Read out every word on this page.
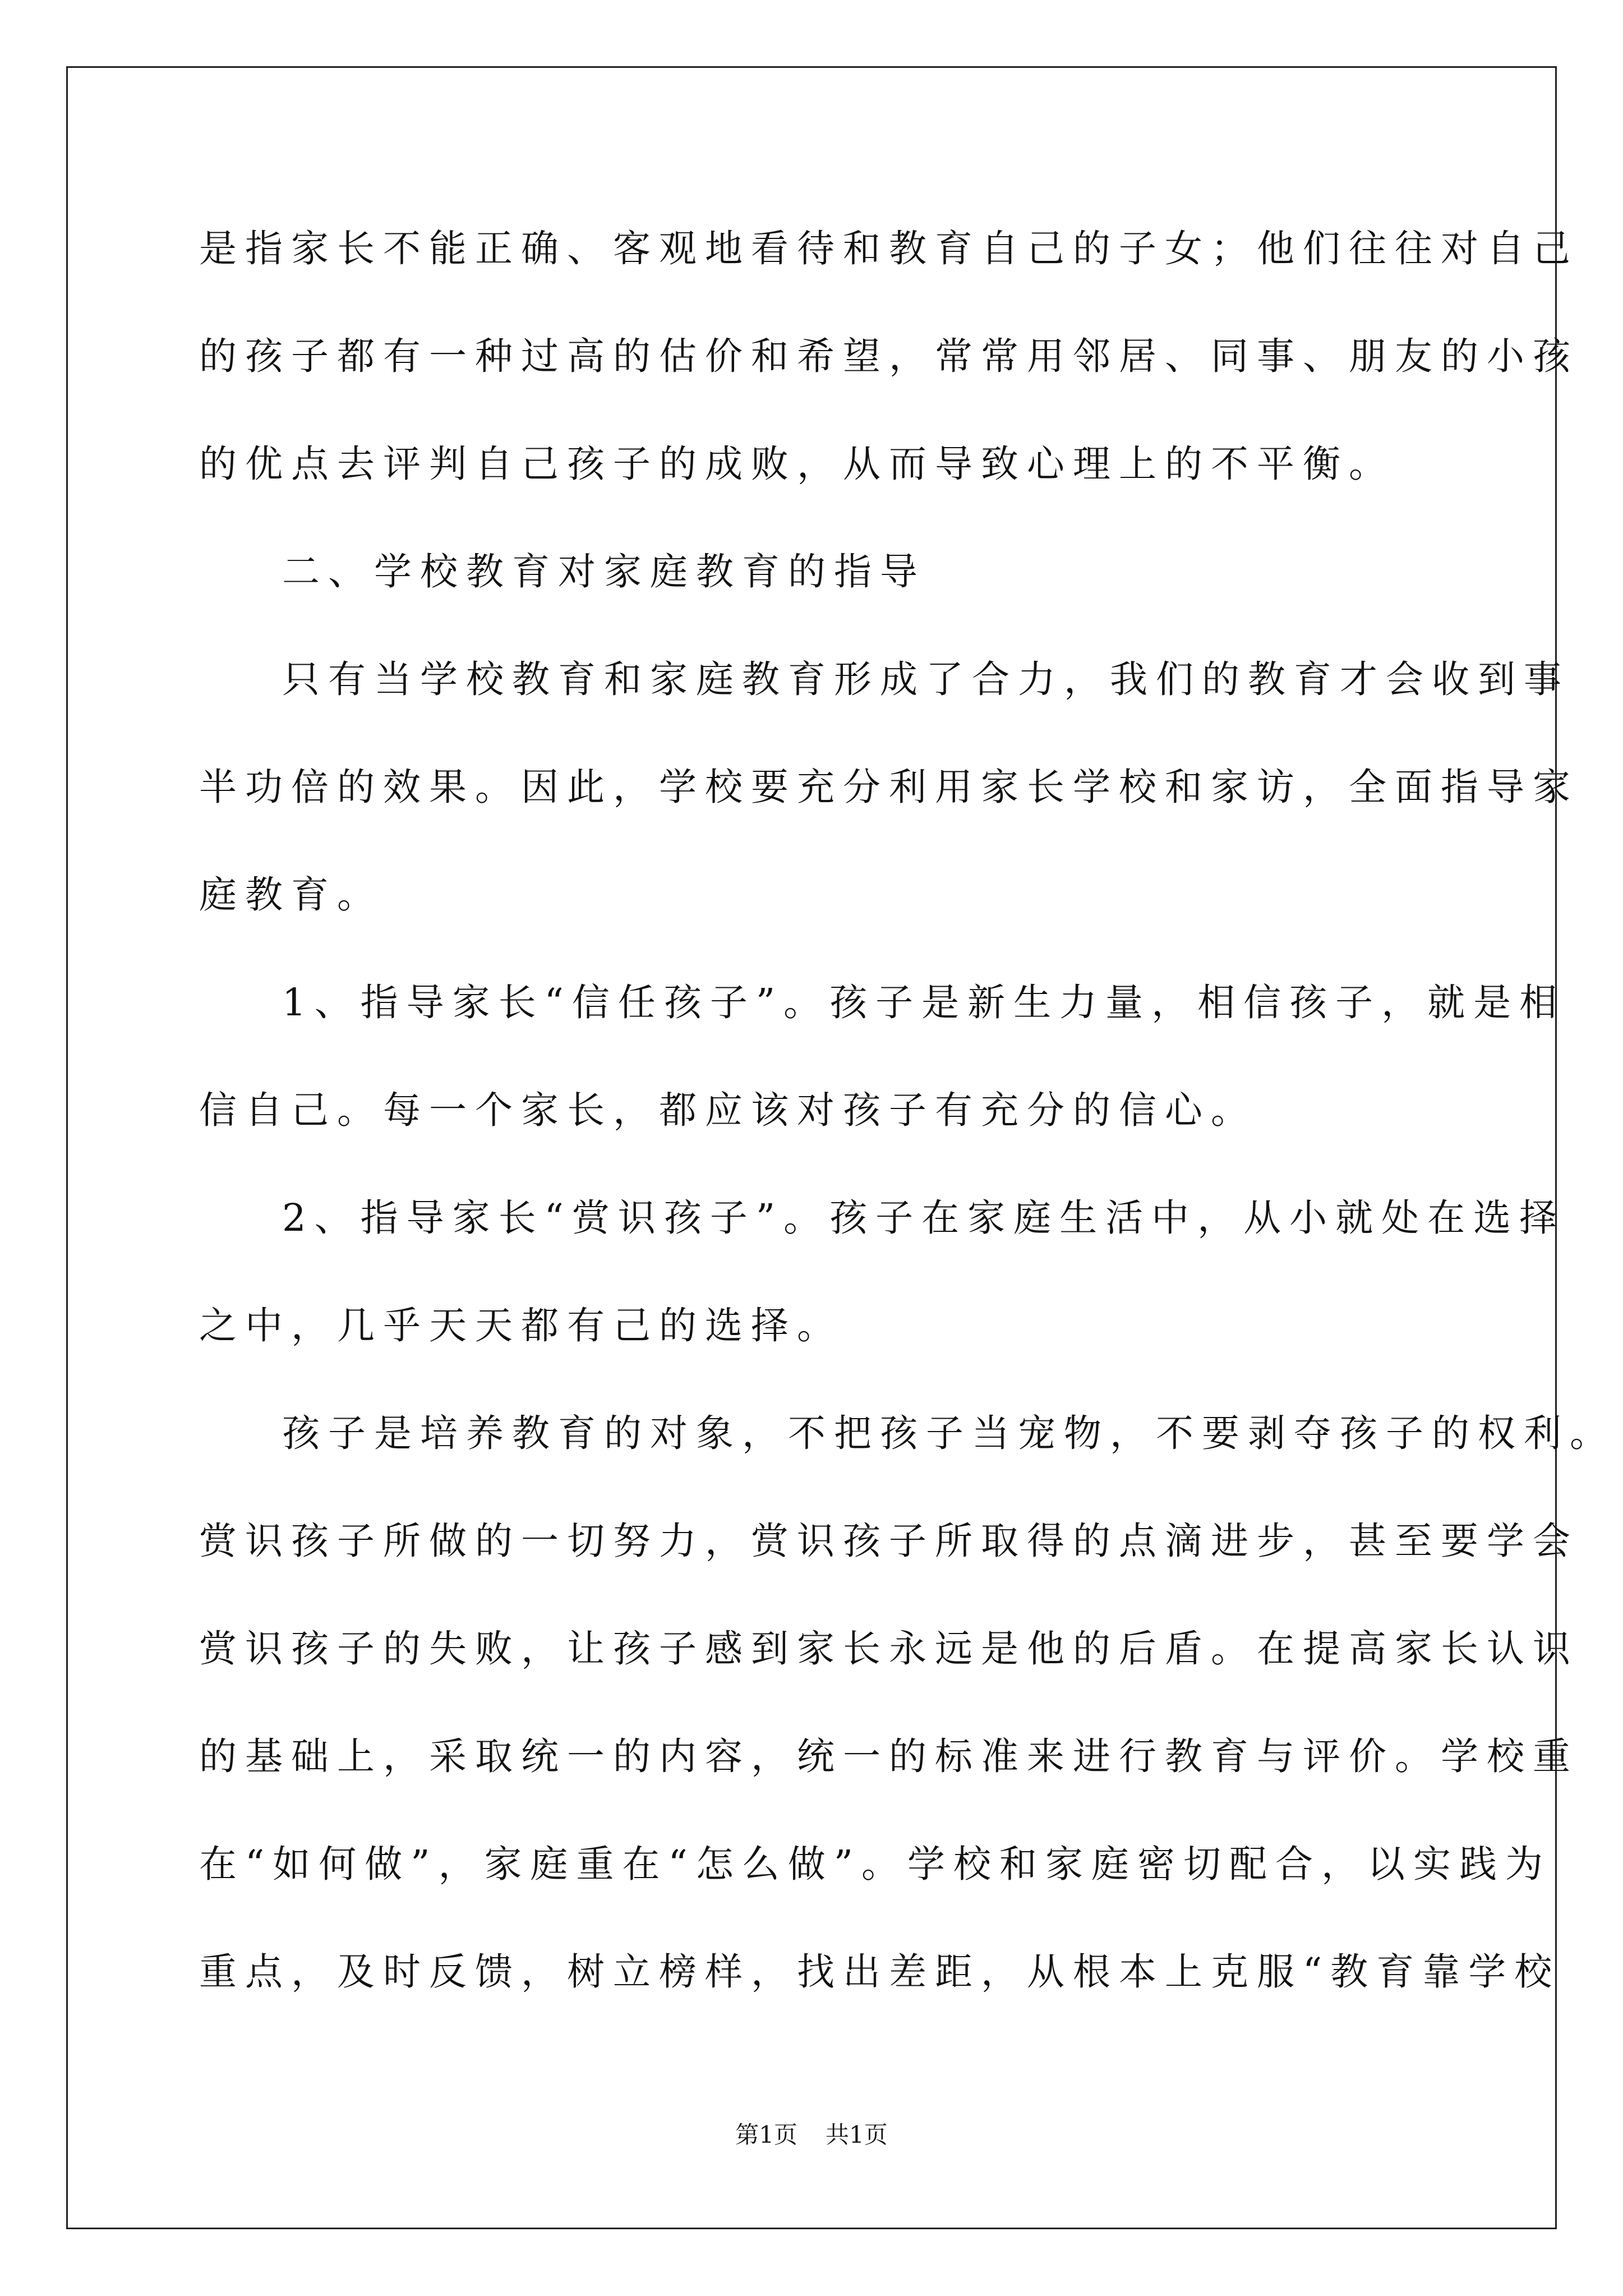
是指家长不能正确、客观地看待和教育自己的子女；他们往往对自己
的孩子都有一种过高的估价和希望，常常用邻居、同事、朋友的小孩
的优点去评判自己孩子的成败，从而导致心理上的不平衡。
二、学校教育对家庭教育的指导
只有当学校教育和家庭教育形成了合力，我们的教育才会收到事
半功倍的效果。因此，学校要充分利用家长学校和家访，全面指导家
庭教育。
1、指导家长“信任孩子”。孩子是新生力量，相信孩子，就是相
信自己。每一个家长，都应该对孩子有充分的信心。
2、指导家长“赏识孩子”。孩子在家庭生活中，从小就处在选择
之中，几乎天天都有己的选择。
孩子是培养教育的对象，不把孩子当宠物，不要剥夺孩子的权利。
赏识孩子所做的一切努力，赏识孩子所取得的点滴进步，甚至要学会
赏识孩子的失败，让孩子感到家长永远是他的后盾。在提高家长认识
的基础上，采取统一的内容，统一的标准来进行教育与评价。学校重
在“如何做”，家庭重在“怎么做”。学校和家庭密切配合，以实践为
重点，及时反馈，树立榜样，找出差距，从根本上克服“教育靠学校
第1页 共1页
